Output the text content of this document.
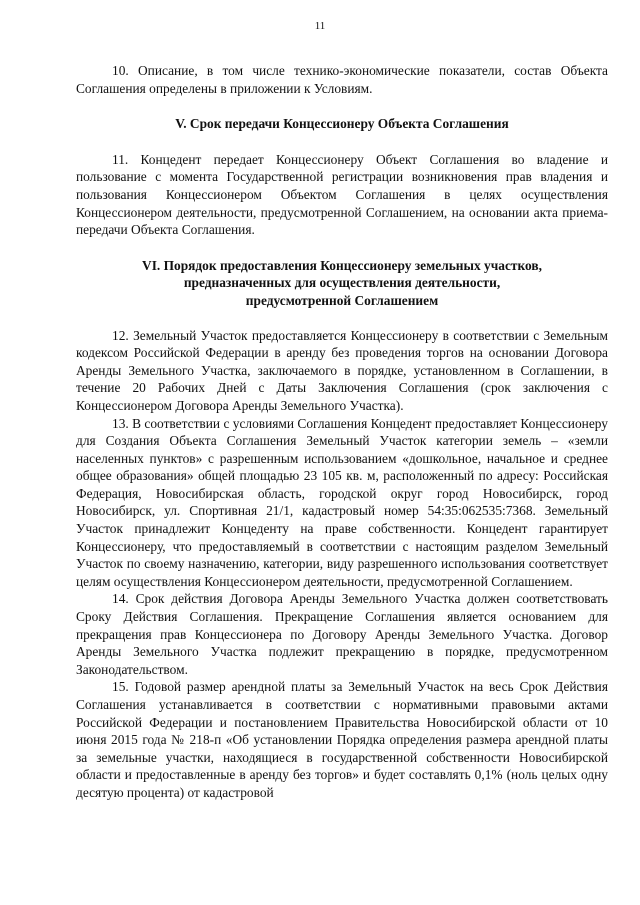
11

10. Описание, в том числе технико-экономические показатели, состав Объекта Соглашения определены в приложении к Условиям.

V. Срок передачи Концессионеру Объекта Соглашения

11. Концедент передает Концессионеру Объект Соглашения во владение и пользование с момента Государственной регистрации возникновения прав владения и пользования Концессионером Объектом Соглашения в целях осуществления Концессионером деятельности, предусмотренной Соглашением, на основании акта приема-передачи Объекта Соглашения.

VI. Порядок предоставления Концессионеру земельных участков,
предназначенных для осуществления деятельности,
предусмотренной Соглашением

12. Земельный Участок предоставляется Концессионеру в соответствии с Земельным кодексом Российской Федерации в аренду без проведения торгов на основании Договора Аренды Земельного Участка, заключаемого в порядке, установленном в Соглашении, в течение 20 Рабочих Дней с Даты Заключения Соглашения (срок заключения с Концессионером Договора Аренды Земельного Участка).

13. В соответствии с условиями Соглашения Концедент предоставляет Концессионеру для Создания Объекта Соглашения Земельный Участок категории земель – «земли населенных пунктов» с разрешенным использованием «дошкольное, начальное и среднее общее образования» общей площадью 23 105 кв. м, расположенный по адресу: Российская Федерация, Новосибирская область, городской округ город Новосибирск, город Новосибирск, ул. Спортивная 21/1, кадастровый номер 54:35:062535:7368. Земельный Участок принадлежит Концеденту на праве собственности. Концедент гарантирует Концессионеру, что предоставляемый в соответствии с настоящим разделом Земельный Участок по своему назначению, категории, виду разрешенного использования соответствует целям осуществления Концессионером деятельности, предусмотренной Соглашением.

14. Срок действия Договора Аренды Земельного Участка должен соответствовать Сроку Действия Соглашения. Прекращение Соглашения является основанием для прекращения прав Концессионера по Договору Аренды Земельного Участка. Договор Аренды Земельного Участка подлежит прекращению в порядке, предусмотренном Законодательством.

15. Годовой размер арендной платы за Земельный Участок на весь Срок Действия Соглашения устанавливается в соответствии с нормативными правовыми актами Российской Федерации и постановлением Правительства Новосибирской области от 10 июня 2015 года № 218-п «Об установлении Порядка определения размера арендной платы за земельные участки, находящиеся в государственной собственности Новосибирской области и предоставленные в аренду без торгов» и будет составлять 0,1% (ноль целых одну десятую процента) от кадастровой
